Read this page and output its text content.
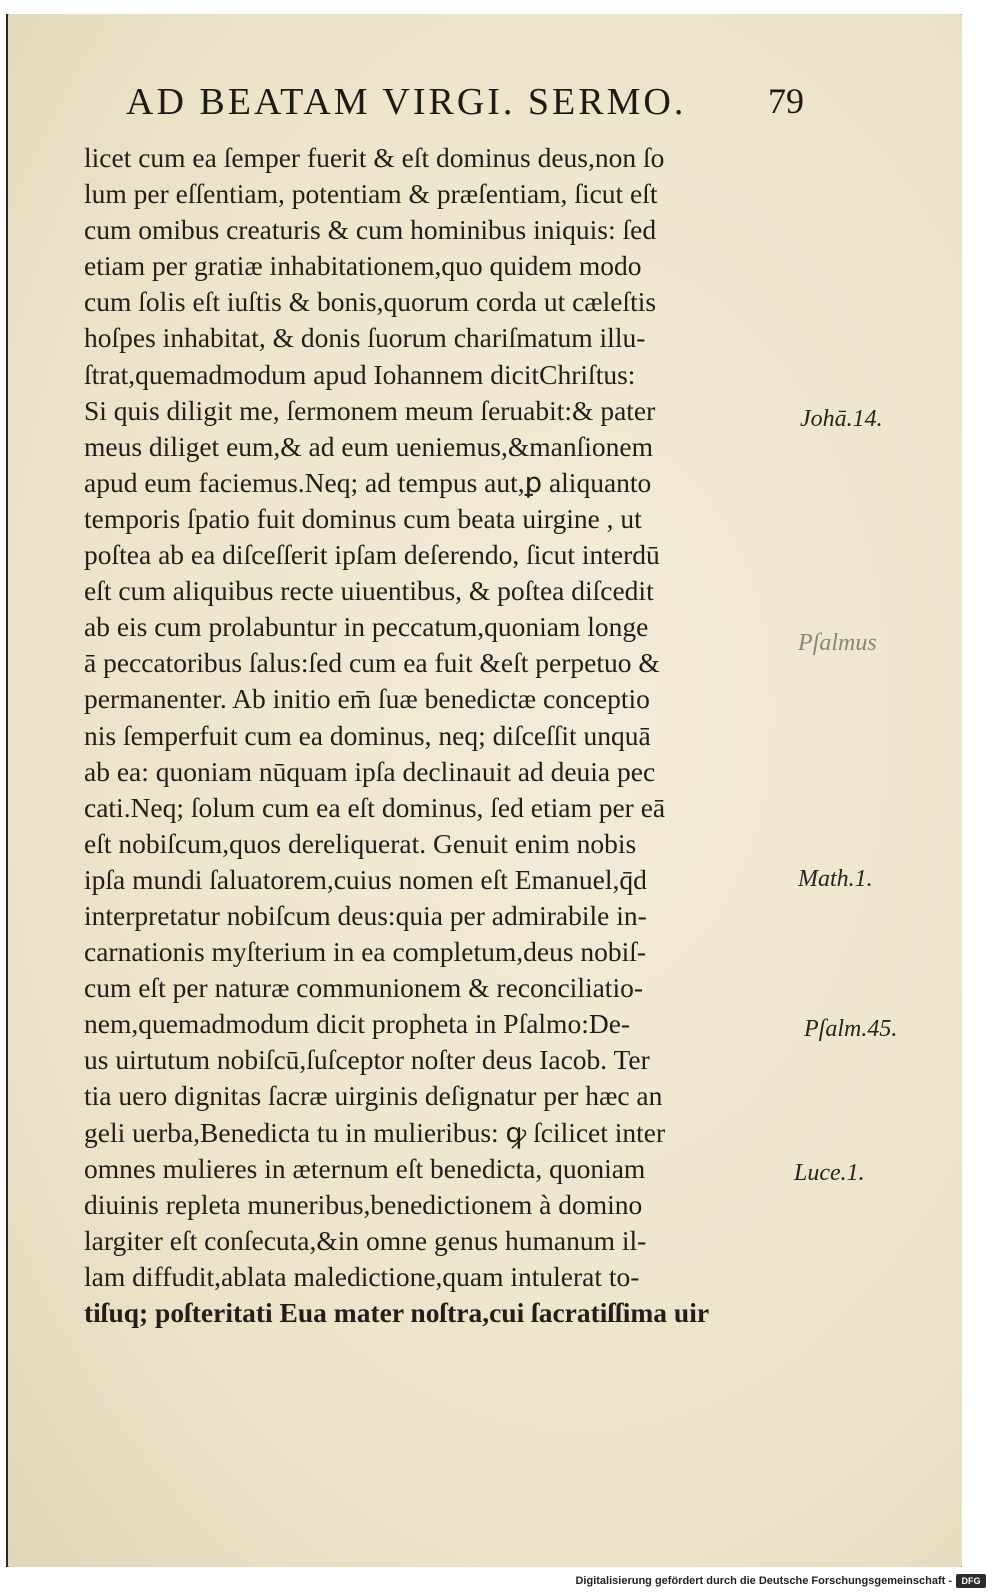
AD BEATAM VIRGI. SERMO.	79
licet cum ea ſemper fuerit & eſt dominus deus,non ſo
lum per eſſentiam, potentiam & præſentiam, ſicut eſt
cum omibus creaturis & cum hominibus iniquis: ſed
etiam per gratiæ inhabitationem,quo quidem modo
cum ſolis eſt iuſtis & bonis,quorum corda ut cæleſtis
hoſpes inhabitat, & donis ſuorum chariſmatum illu-
ſtrat,quemadmodum apud Iohannem dicitChriſtus:
Si quis diligit me, ſermonem meum ſeruabit:& pater
meus diliget eum,& ad eum ueniemus,&manſionem
apud eum faciemus.Neq; ad tempus aut,ꝑ aliquanto
temporis ſpatio fuit dominus cum beata uirgine , ut
poſtea ab ea diſceſſerit ipſam deſerendo, ſicut interdū
eſt cum aliquibus recte uiuentibus, & poſtea diſcedit
ab eis cum prolabuntur in peccatum,quoniam longe
ā peccatoribus ſalus:ſed cum ea fuit &eſt perpetuo &
permanenter. Ab initio em̄ ſuæ benedictæ conceptio
nis ſemperfuit cum ea dominus, neq; diſceſſit unquā
ab ea: quoniam nūquam ipſa declinauit ad deuia pec
cati.Neq; ſolum cum ea eſt dominus, ſed etiam per eā
eſt nobiſcum,quos dereliquerat. Genuit enim nobis
ipſa mundi ſaluatorem,cuius nomen eſt Emanuel,q̄d
interpretatur nobiſcum deus:quia per admirabile in-
carnationis myſterium in ea completum,deus nobiſ-
cum eſt per naturæ communionem & reconciliatio-
nem,quemadmodum dicit propheta in Pſalmo:De-
us uirtutum nobiſcū,ſuſceptor noſter deus Iacob. Ter
tia uero dignitas ſacræ uirginis deſignatur per hæc an
geli uerba,Benedicta tu in mulieribus: ꝙ ſcilicet inter
omnes mulieres in æternum eſt benedicta, quoniam
diuinis repleta muneribus,benedictionem à domino
largiter eſt conſecuta,&in omne genus humanum il-
lam diffudit,ablata maledictione,quam intulerat to-
tiſuq; poſteritati Eua mater noſtra,cui ſacratiſſima uir
Johā.14.
Pſalmus
Math.1.
Pſalm.45.
Luce.1.
Digitalisierung gefördert durch die Deutsche Forschungsgemeinschaft -	DFG
